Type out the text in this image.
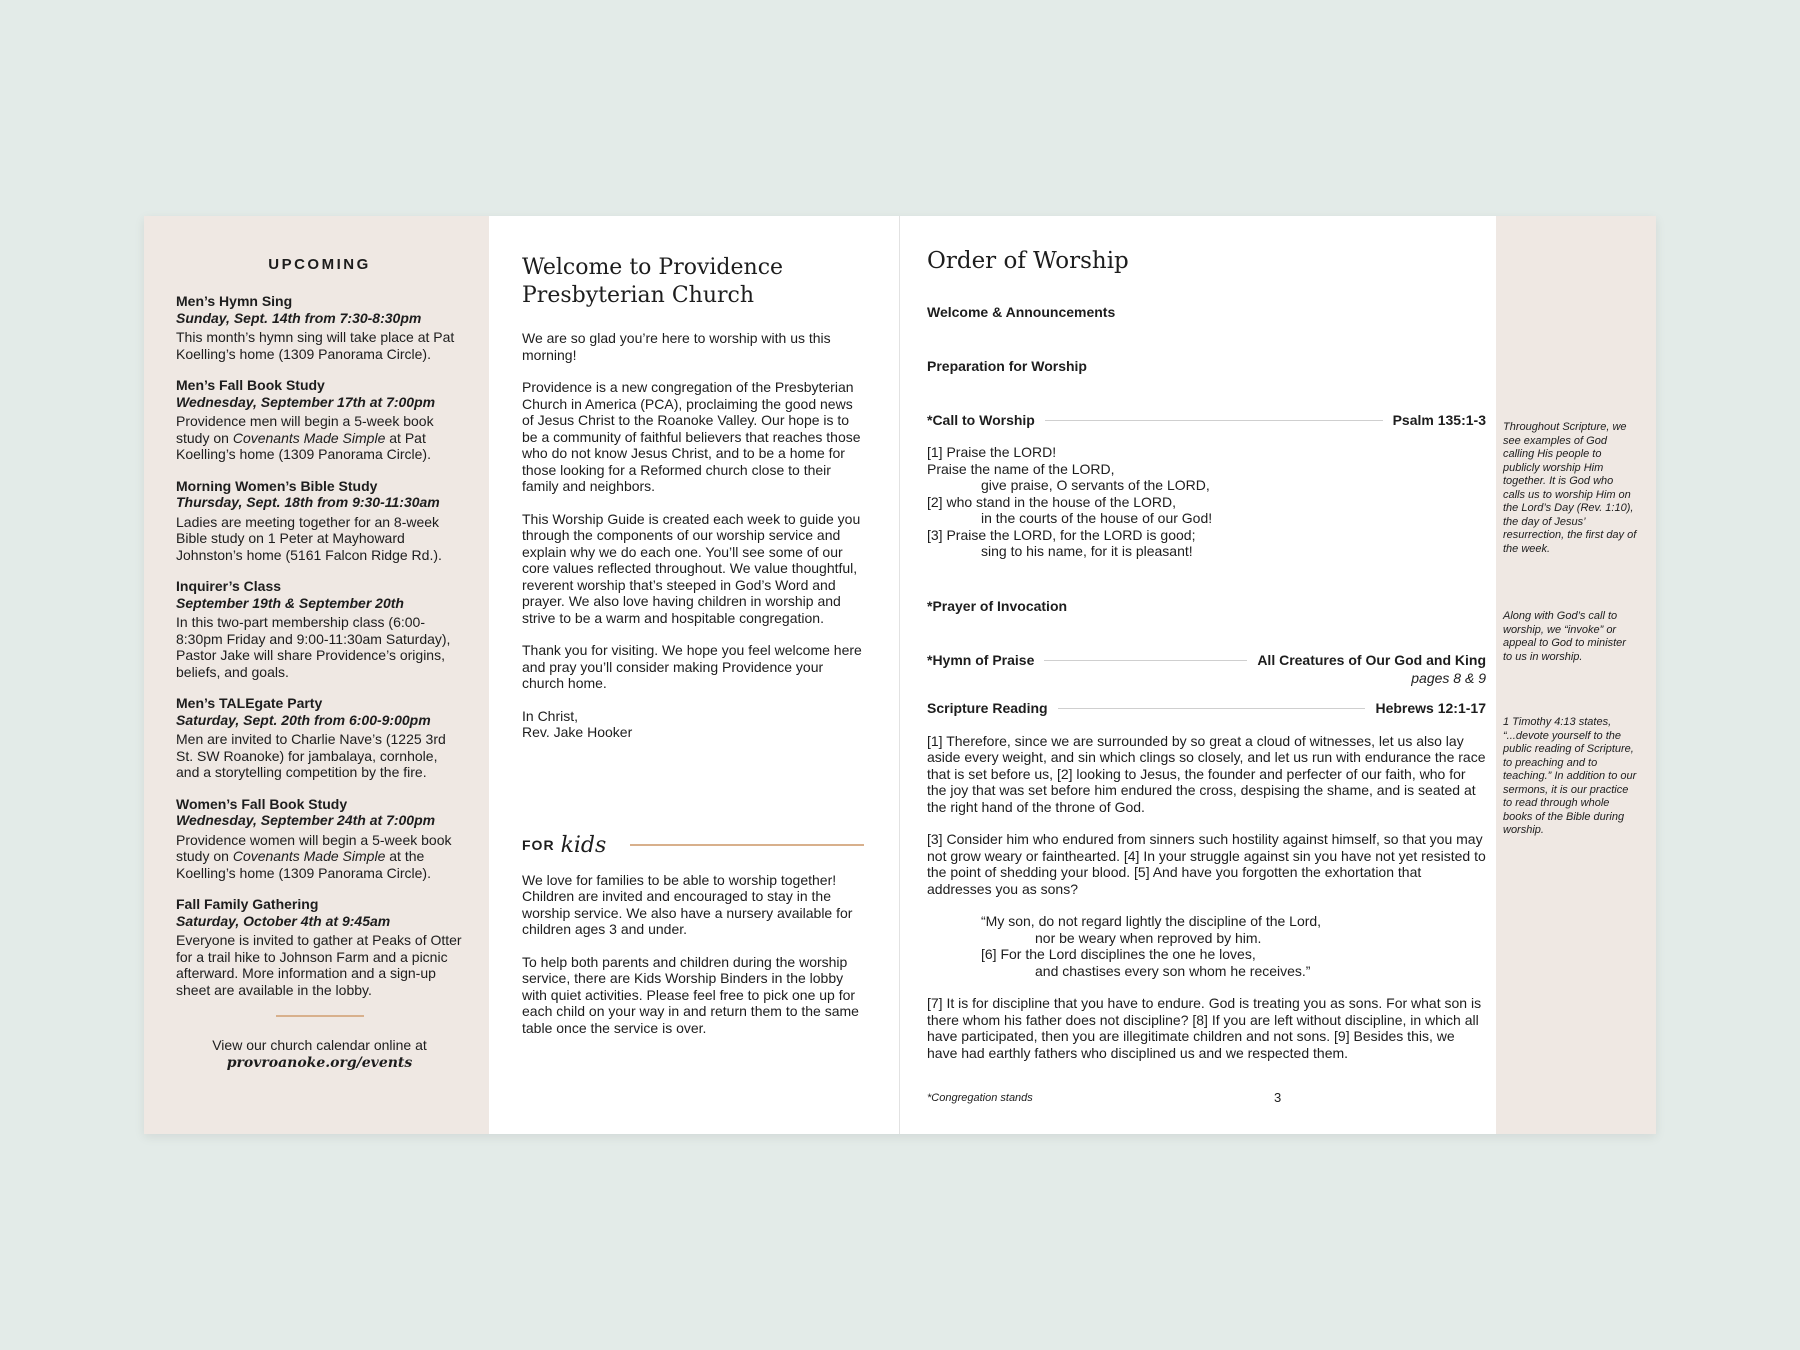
UPCOMING
Men’s Hymn Sing
Sunday, Sept. 14th from 7:30-8:30pm
This month’s hymn sing will take place at Pat Koelling’s home (1309 Panorama Circle).
Men’s Fall Book Study
Wednesday, September 17th at 7:00pm
Providence men will begin a 5-week book study on Covenants Made Simple at Pat Koelling’s home (1309 Panorama Circle).
Morning Women’s Bible Study
Thursday, Sept. 18th from 9:30-11:30am
Ladies are meeting together for an 8-week Bible study on 1 Peter at Mayhoward Johnston’s home (5161 Falcon Ridge Rd.).
Inquirer’s Class
September 19th & September 20th
In this two-part membership class (6:00-8:30pm Friday and 9:00-11:30am Saturday), Pastor Jake will share Providence’s origins, beliefs, and goals.
Men’s TALEgate Party
Saturday, Sept. 20th from 6:00-9:00pm
Men are invited to Charlie Nave’s (1225 3rd St. SW Roanoke) for jambalaya, cornhole, and a storytelling competition by the fire.
Women’s Fall Book Study
Wednesday, September 24th at 7:00pm
Providence women will begin a 5-week book study on Covenants Made Simple at the Koelling’s home (1309 Panorama Circle).
Fall Family Gathering
Saturday, October 4th at 9:45am
Everyone is invited to gather at Peaks of Otter for a trail hike to Johnson Farm and a picnic afterward. More information and a sign-up sheet are available in the lobby.
View our church calendar online at
provroanoke.org/events
Welcome to Providence
Presbyterian Church

We are so glad you’re here to worship with us this morning!

Providence is a new congregation of the Presbyterian Church in America (PCA), proclaiming the good news of Jesus Christ to the Roanoke Valley. Our hope is to be a community of faithful believers that reaches those who do not know Jesus Christ, and to be a home for those looking for a Reformed church close to their family and neighbors.

This Worship Guide is created each week to guide you through the components of our worship service and explain why we do each one. You’ll see some of our core values reflected throughout. We value thoughtful, reverent worship that’s steeped in God’s Word and prayer. We also love having children in worship and strive to be a warm and hospitable congregation.

Thank you for visiting. We hope you feel welcome here and pray you’ll consider making Providence your church home.

In Christ,
Rev. Jake Hooker

FOR kids

We love for families to be able to worship together! Children are invited and encouraged to stay in the worship service. We also have a nursery available for children ages 3 and under.

To help both parents and children during the worship service, there are Kids Worship Binders in the lobby with quiet activities. Please feel free to pick one up for each child on your way in and return them to the same table once the service is over.

Order of Worship
Welcome & Announcements
Preparation for Worship
*Call to Worship	Psalm 135:1-3
[1] Praise the LORD!
Praise the name of the LORD,
give praise, O servants of the LORD,
[2] who stand in the house of the LORD,
in the courts of the house of our God!
[3] Praise the LORD, for the LORD is good;
sing to his name, for it is pleasant!
*Prayer of Invocation
*Hymn of Praise	All Creatures of Our God and King
pages 8 & 9
Scripture Reading	Hebrews 12:1-17

[1] Therefore, since we are surrounded by so great a cloud of witnesses, let us also lay aside every weight, and sin which clings so closely, and let us run with endurance the race that is set before us, [2] looking to Jesus, the founder and perfecter of our faith, who for the joy that was set before him endured the cross, despising the shame, and is seated at the right hand of the throne of God.

[3] Consider him who endured from sinners such hostility against himself, so that you may not grow weary or fainthearted. [4] In your struggle against sin you have not yet resisted to the point of shedding your blood. [5] And have you forgotten the exhortation that addresses you as sons?

“My son, do not regard lightly the discipline of the Lord,
nor be weary when reproved by him.
[6] For the Lord disciplines the one he loves,
and chastises every son whom he receives.”

[7] It is for discipline that you have to endure. God is treating you as sons. For what son is there whom his father does not discipline? [8] If you are left without discipline, in which all have participated, then you are illegitimate children and not sons. [9] Besides this, we have had earthly fathers who disciplined us and we respected them.

*Congregation stands	3
Throughout Scripture, we see examples of God calling His people to publicly worship Him together. It is God who calls us to worship Him on the Lord’s Day (Rev. 1:10), the day of Jesus’ resurrection, the first day of the week.
Along with God’s call to worship, we “invoke” or appeal to God to minister to us in worship.
1 Timothy 4:13 states, “...devote yourself to the public reading of Scripture, to preaching and to teaching.” In addition to our sermons, it is our practice to read through whole books of the Bible during worship.
